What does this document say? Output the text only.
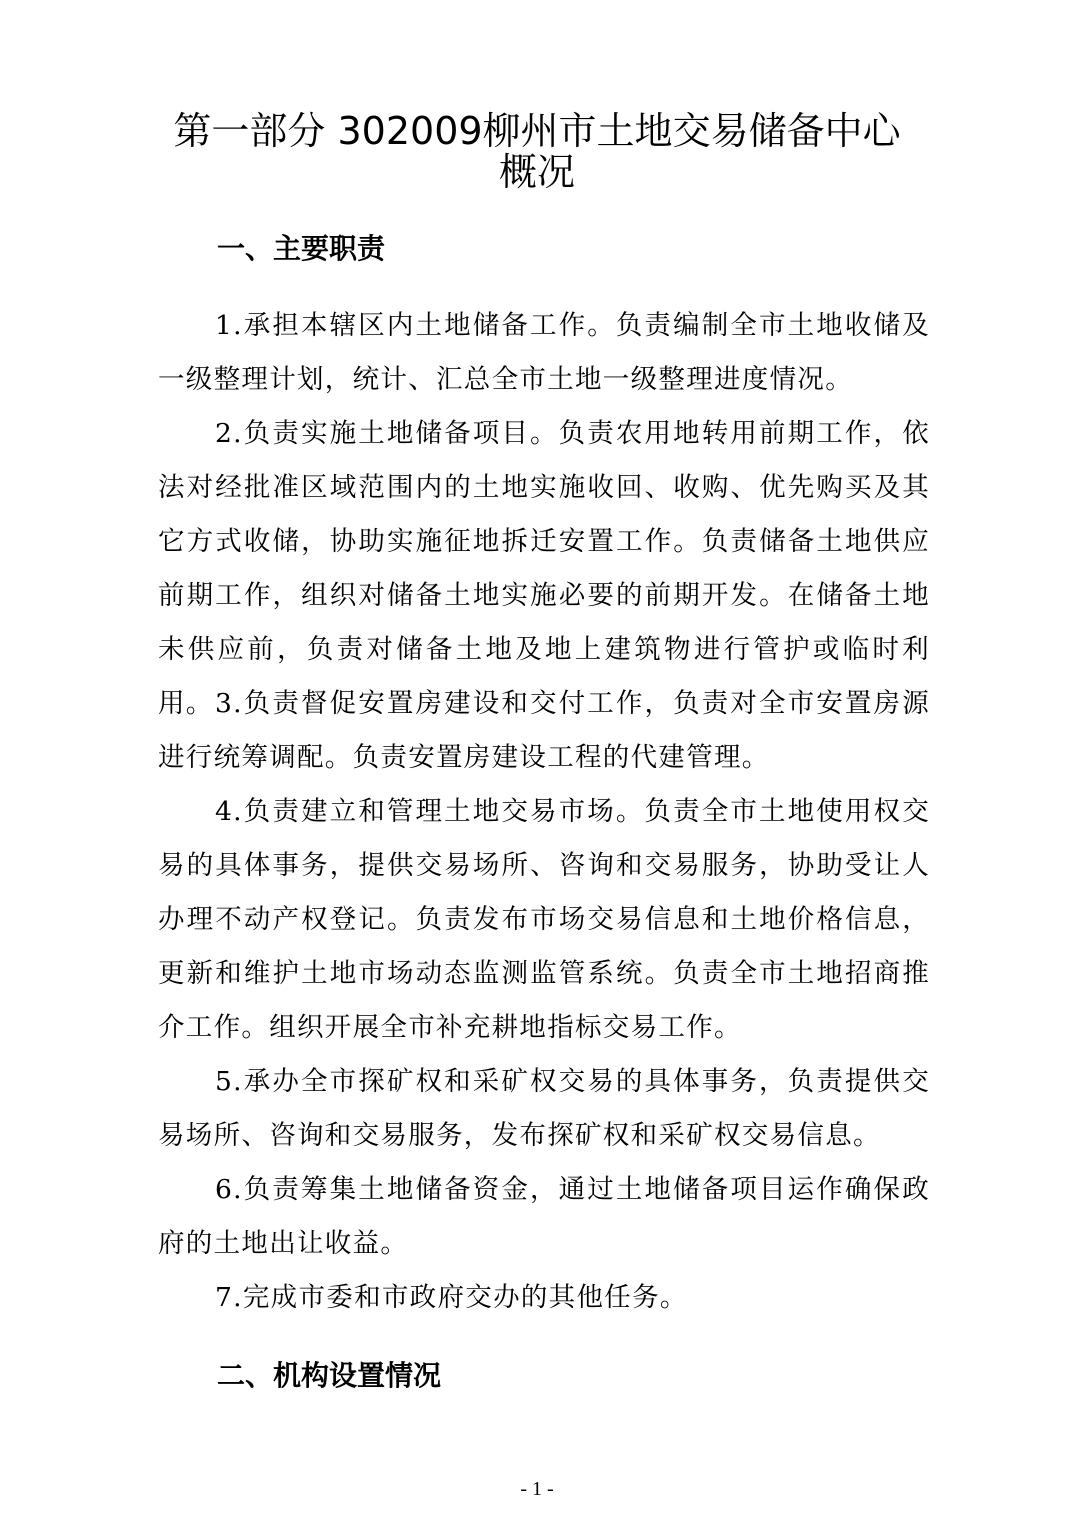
第一部分 302009柳州市土地交易储备中心
概况
一、主要职责

1.承担本辖区内土地储备工作。负责编制全市土地收储及一级整理计划，统计、汇总全市土地一级整理进度情况。

2.负责实施土地储备项目。负责农用地转用前期工作，依法对经批准区域范围内的土地实施收回、收购、优先购买及其它方式收储，协助实施征地拆迁安置工作。负责储备土地供应前期工作，组织对储备土地实施必要的前期开发。在储备土地未供应前，负责对储备土地及地上建筑物进行管护或临时利用。 3.负责督促安置房建设和交付工作，负责对全市安置房源进行统筹调配。负责安置房建设工程的代建管理。

4.负责建立和管理土地交易市场。负责全市土地使用权交易的具体事务，提供交易场所、咨询和交易服务，协助受让人办理不动产权登记。负责发布市场交易信息和土地价格信息，更新和维护土地市场动态监测监管系统。负责全市土地招商推介工作。组织开展全市补充耕地指标交易工作。

5.承办全市探矿权和采矿权交易的具体事务，负责提供交易场所、咨询和交易服务，发布探矿权和采矿权交易信息。

6.负责筹集土地储备资金，通过土地储备项目运作确保政府的土地出让收益。

7.完成市委和市政府交办的其他任务。

二、机构设置情况
- 1 -
